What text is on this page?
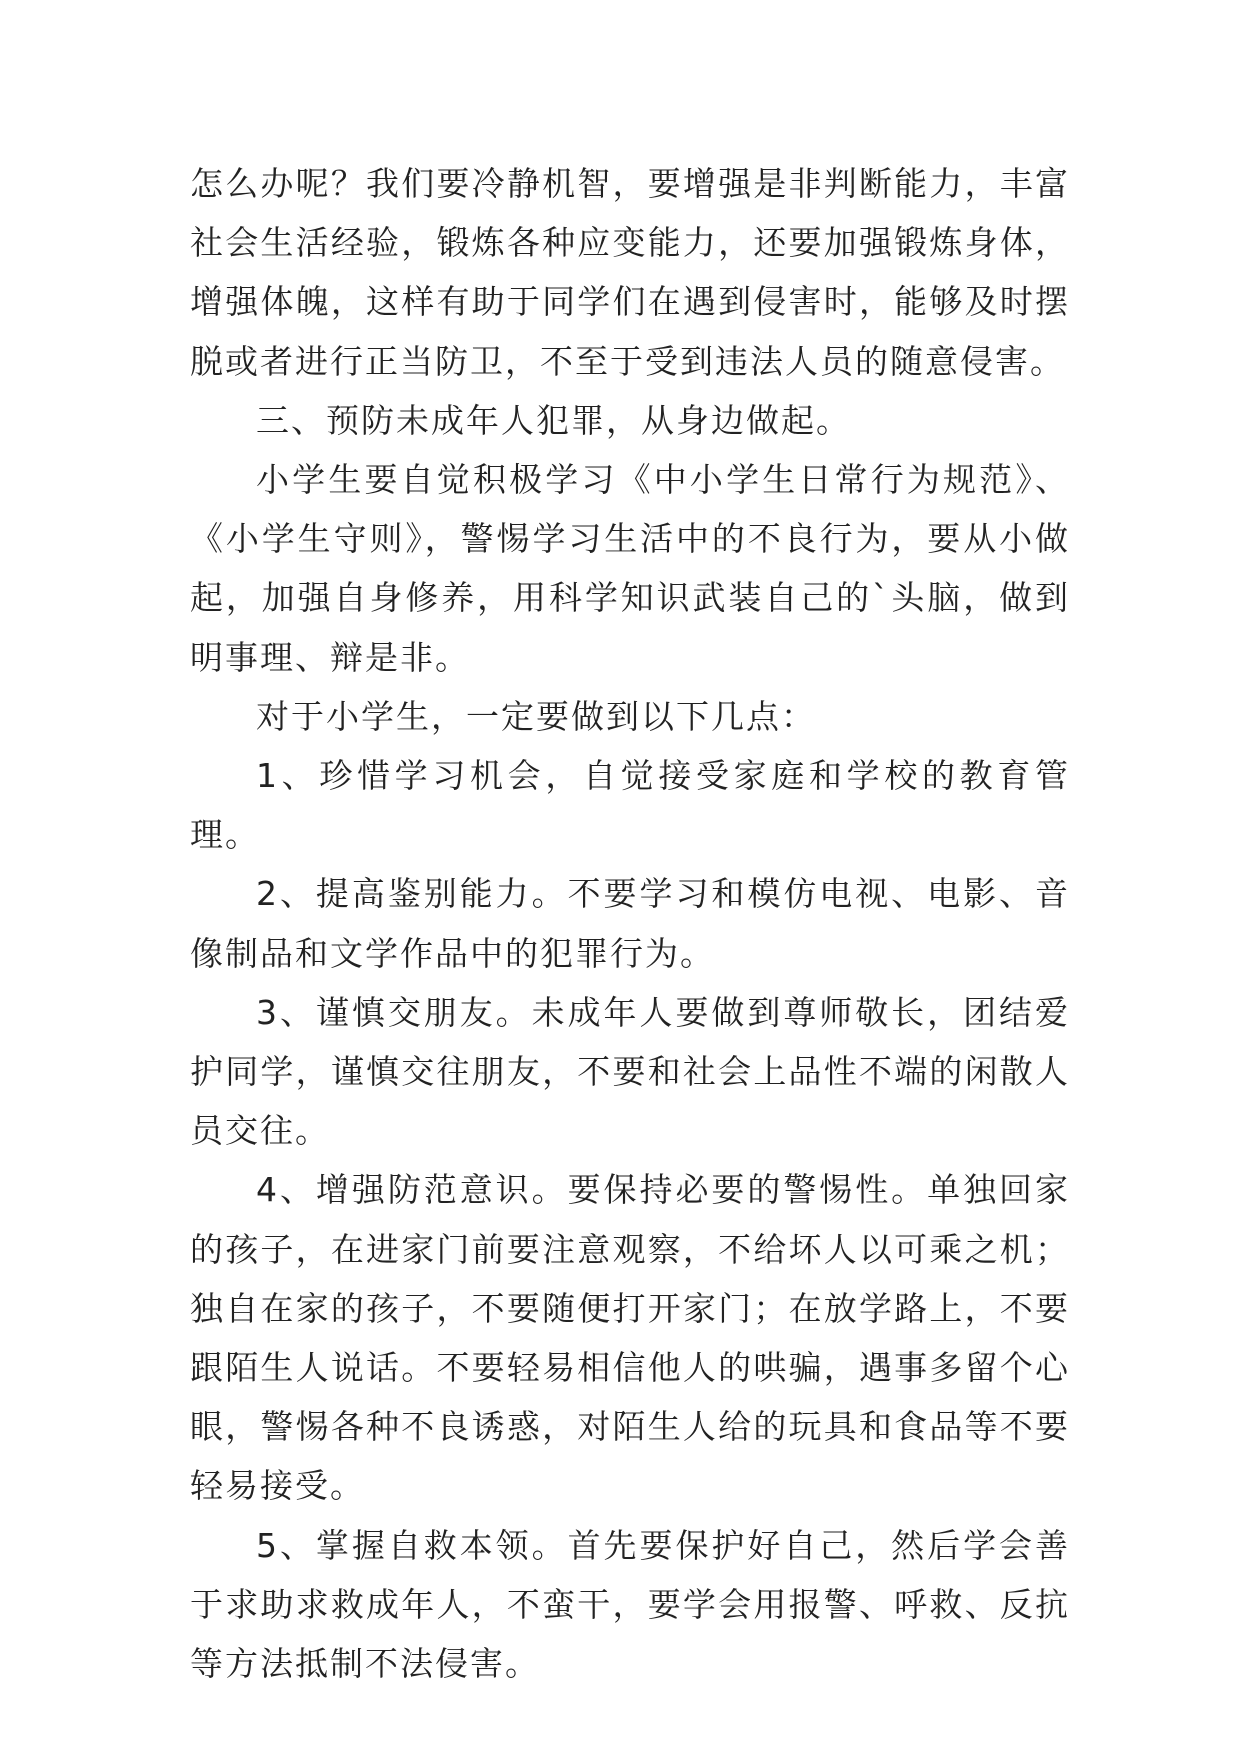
怎么办呢？我们要冷静机智，要增强是非判断能力，丰富社会生活经验，锻炼各种应变能力，还要加强锻炼身体，增强体魄，这样有助于同学们在遇到侵害时，能够及时摆脱或者进行正当防卫，不至于受到违法人员的随意侵害。

三、预防未成年人犯罪，从身边做起。

小学生要自觉积极学习《中小学生日常行为规范》、《小学生守则》，警惕学习生活中的不良行为，要从小做起，加强自身修养，用科学知识武装自己的`头脑，做到明事理、辩是非。

对于小学生，一定要做到以下几点：

1、珍惜学习机会，自觉接受家庭和学校的教育管理。

2、提高鉴别能力。不要学习和模仿电视、电影、音像制品和文学作品中的犯罪行为。

3、谨慎交朋友。未成年人要做到尊师敬长，团结爱护同学，谨慎交往朋友，不要和社会上品性不端的闲散人员交往。

4、增强防范意识。要保持必要的警惕性。单独回家的孩子，在进家门前要注意观察，不给坏人以可乘之机；独自在家的孩子，不要随便打开家门；在放学路上，不要跟陌生人说话。不要轻易相信他人的哄骗，遇事多留个心眼，警惕各种不良诱惑，对陌生人给的玩具和食品等不要轻易接受。

5、掌握自救本领。首先要保护好自己，然后学会善于求助求救成年人，不蛮干，要学会用报警、呼救、反抗等方法抵制不法侵害。
